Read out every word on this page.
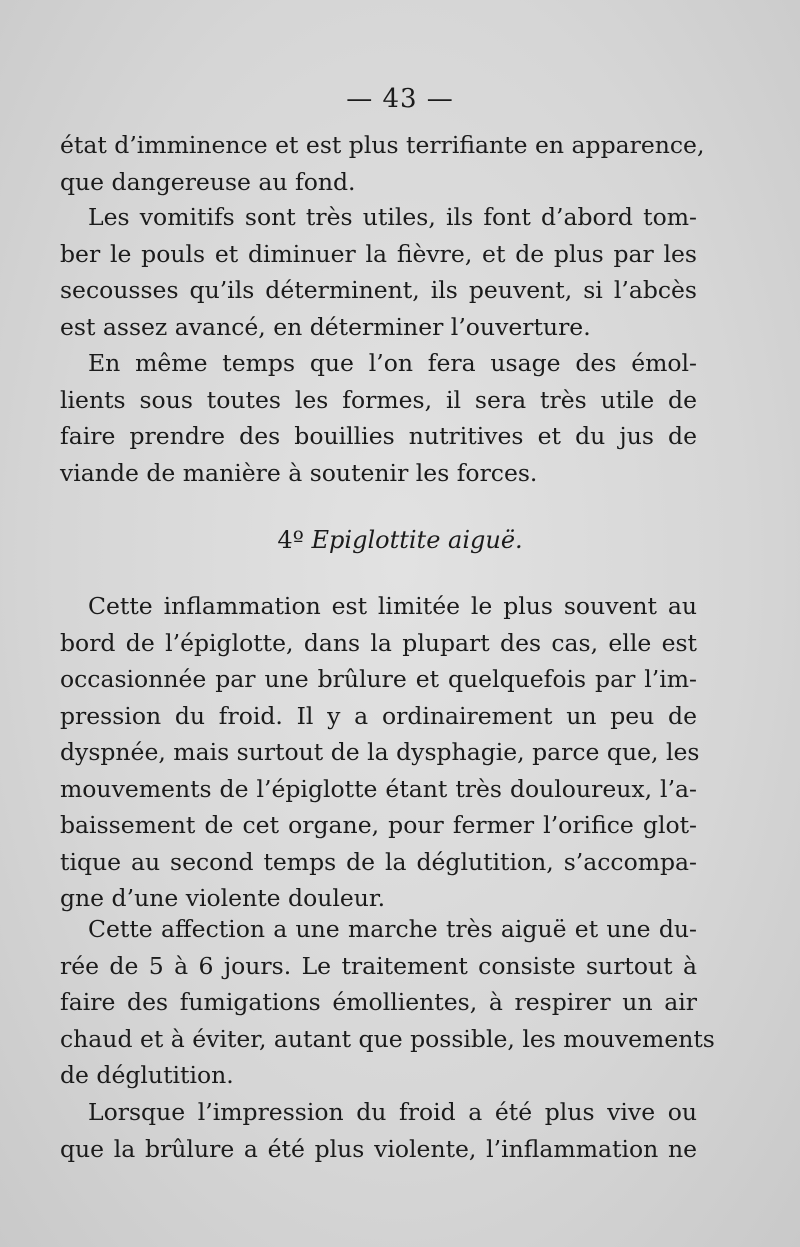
— 43 —
état d’imminence et est plus terrifiante en apparence,
que dangereuse au fond.
Les vomitifs sont très utiles, ils font d’abord tom-
ber le pouls et diminuer la fièvre, et de plus par les
secousses qu’ils déterminent, ils peuvent, si l’abcès
est assez avancé, en déterminer l’ouverture.
En même temps que l’on fera usage des émol-
lients sous toutes les formes, il sera très utile de
faire prendre des bouillies nutritives et du jus de
viande de manière à soutenir les forces.
4º Epiglottite aiguë.
Cette inflammation est limitée le plus souvent au
bord de l’épiglotte, dans la plupart des cas, elle est
occasionnée par une brûlure et quelquefois par l’im-
pression du froid. Il y a ordinairement un peu de
dyspnée, mais surtout de la dysphagie, parce que, les
mouvements de l’épiglotte étant très douloureux, l’a-
baissement de cet organe, pour fermer l’orifice glot-
tique au second temps de la déglutition, s’accompa-
gne d’une violente douleur.
Cette affection a une marche très aiguë et une du-
rée de 5 à 6 jours. Le traitement consiste surtout à
faire des fumigations émollientes, à respirer un air
chaud et à éviter, autant que possible, les mouvements
de déglutition.
Lorsque l’impression du froid a été plus vive ou
que la brûlure a été plus violente, l’inflammation ne
